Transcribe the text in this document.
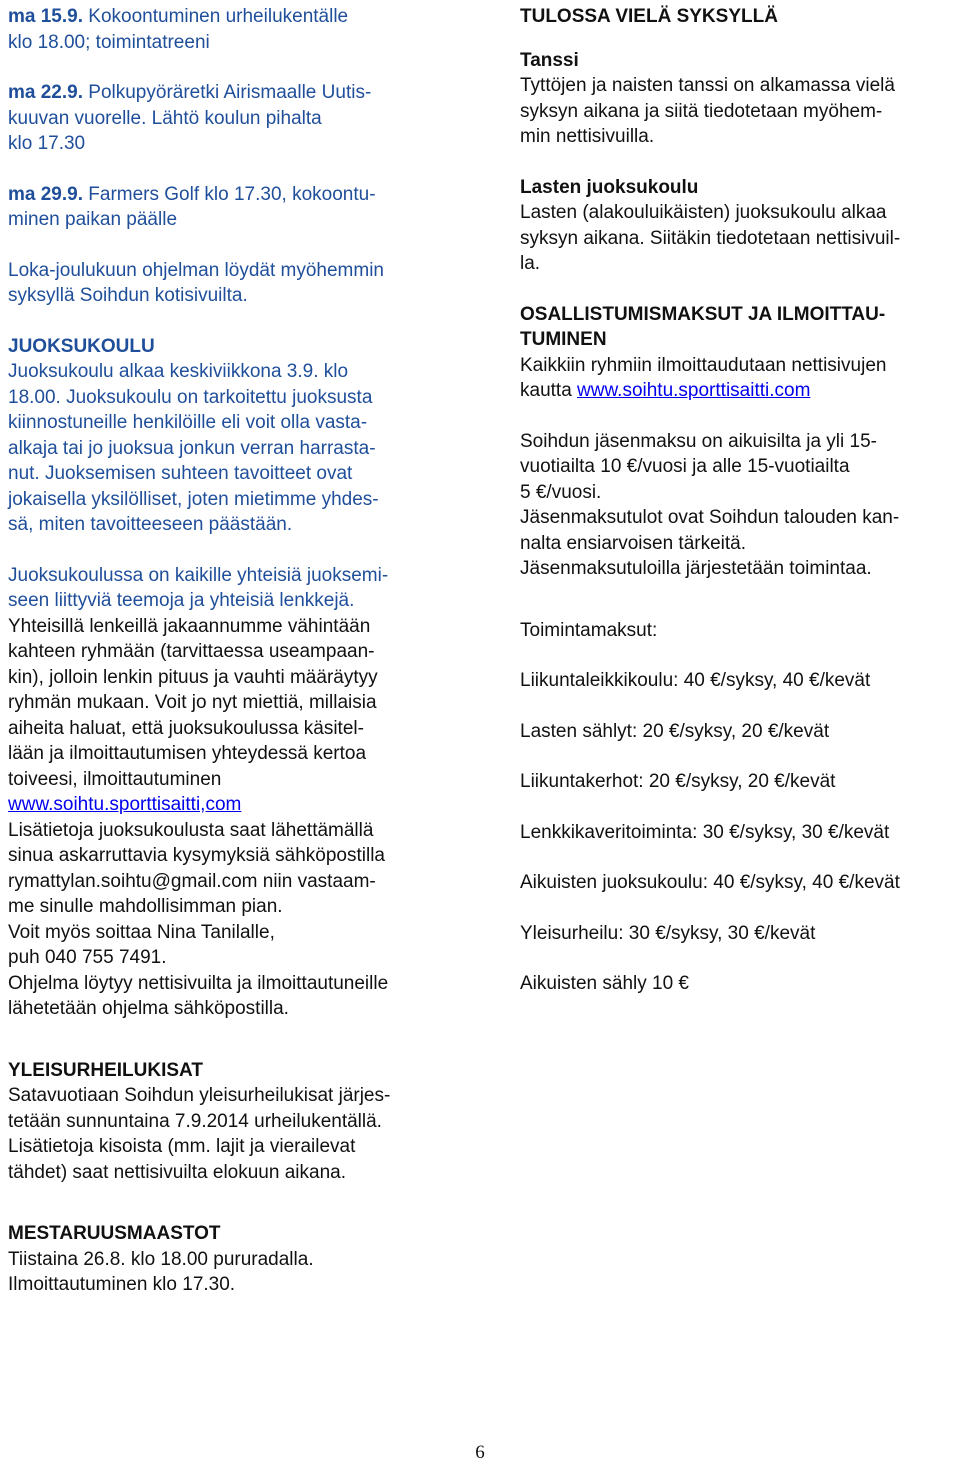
ma 15.9. Kokoontuminen urheilukentälle

klo 18.00; toimintatreeni

ma 22.9. Polkupyöräretki Airismaalle Uutis-

kuuvan vuorelle. Lähtö koulun pihalta

klo 17.30

ma 29.9. Farmers Golf klo 17.30, kokoontu-

minen paikan päälle

Loka-joulukuun ohjelman löydät myöhemmin

syksyllä Soihdun kotisivuilta.

JUOKSUKOULU

Juoksukoulu alkaa keskiviikkona 3.9. klo

18.00. Juoksukoulu on tarkoitettu juoksusta

kiinnostuneille henkilöille eli voit olla vasta-

alkaja tai jo juoksua jonkun verran harrasta-

nut. Juoksemisen suhteen tavoitteet ovat

jokaisella yksilölliset, joten mietimme yhdes-

sä, miten tavoitteeseen päästään.

Juoksukoulussa on kaikille yhteisiä juoksemi-

seen liittyviä teemoja ja yhteisiä lenkkejä.

Yhteisillä lenkeillä jakaannumme vähintään

kahteen ryhmään (tarvittaessa useampaan-

kin), jolloin lenkin pituus ja vauhti määräytyy

ryhmän mukaan. Voit jo nyt miettiä, millaisia

aiheita haluat, että juoksukoulussa käsitel-

lään ja ilmoittautumisen yhteydessä kertoa

toiveesi, ilmoittautuminen

www.soihtu.sporttisaitti,com

Lisätietoja juoksukoulusta saat lähettämällä

sinua askarruttavia kysymyksiä sähköpostilla

rymattylan.soihtu@gmail.com niin vastaam-

me sinulle mahdollisimman pian.

Voit myös soittaa Nina Tanilalle,

puh 040 755 7491.

Ohjelma löytyy nettisivuilta ja ilmoittautuneille

lähetetään ohjelma sähköpostilla.

YLEISURHEILUKISAT

Satavuotiaan Soihdun yleisurheilukisat järjes-

tetään sunnuntaina 7.9.2014 urheilukentällä.

Lisätietoja kisoista (mm. lajit ja vierailevat

tähdet) saat nettisivuilta elokuun aikana.

MESTARUUSMAASTOT

Tiistaina 26.8. klo 18.00 pururadalla.

Ilmoittautuminen klo 17.30.

TULOSSA VIELÄ SYKSYLLÄ

Tanssi

Tyttöjen ja naisten tanssi on alkamassa vielä

syksyn aikana ja siitä tiedotetaan myöhem-

min nettisivuilla.

Lasten juoksukoulu

Lasten (alakouluikäisten) juoksukoulu alkaa

syksyn aikana. Siitäkin tiedotetaan nettisivuil-

la.

OSALLISTUMISMAKSUT JA ILMOITTAU-

TUMINEN

Kaikkiin ryhmiin ilmoittaudutaan nettisivujen

kautta www.soihtu.sporttisaitti.com

Soihdun jäsenmaksu on aikuisilta ja yli 15-

vuotiailta 10 €/vuosi ja alle 15-vuotiailta

5 €/vuosi.

Jäsenmaksutulot ovat Soihdun talouden kan-

nalta ensiarvoisen tärkeitä.

Jäsenmaksutuloilla järjestetään toimintaa.

Toimintamaksut:

Liikuntaleikkikoulu: 40 €/syksy, 40 €/kevät

Lasten sählyt: 20 €/syksy, 20 €/kevät

Liikuntakerhot: 20 €/syksy, 20 €/kevät

Lenkkikaveritoiminta: 30 €/syksy, 30 €/kevät

Aikuisten juoksukoulu: 40 €/syksy, 40 €/kevät

Yleisurheilu: 30 €/syksy, 30 €/kevät

Aikuisten sähly 10 €

6
